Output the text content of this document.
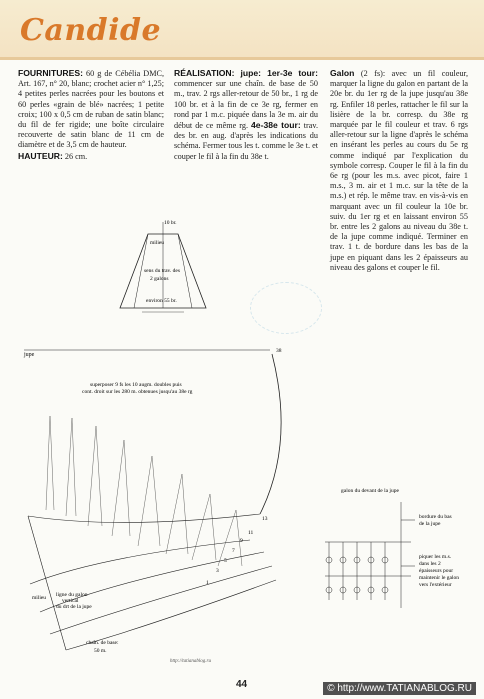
Candide
FOURNITURES: 60 g de Cébélia DMC, Art. 167, n° 20, blanc; crochet acier n° 1,25; 4 petites perles nacrées pour les boutons et 60 perles «grain de blé» nacrées; 1 petite croix; 100 x 0,5 cm de ruban de satin blanc; du fil de fer rigide; une boîte circulaire recouverte de satin blanc de 11 cm de diamètre et de 3,5 cm de hauteur.
HAUTEUR: 26 cm.
RÉALISATION: jupe: 1er-3e tour: commencer sur une chaîn. de base de 50 m., trav. 2 rgs aller-retour de 50 br., 1 rg de 100 br. et à la fin de ce 3e rg, fermer en rond par 1 m.c. piquée dans la 3e m. air du début de ce même rg. 4e-38e tour: trav. des br. en aug. d'après les indications du schéma. Fermer tous les t. comme le 3e t. et couper le fil à la fin du 38e t.
Galon (2 fs): avec un fil couleur, marquer la ligne du galon en partant de la 20e br. du 1er rg de la jupe jusqu'au 38e rg. Enfiler 18 perles, rattacher le fil sur la lisière de la br. corresp. du 38e rg marquée par le fil couleur et trav. 6 rgs aller-retour sur la ligne d'après le schéma en insérant les perles au cours du 5e rg comme indiqué par l'explication du symbole corresp. Couper le fil à la fin du 6e rg (pour les m.s. avec picot, faire 1 m.s., 3 m. air et 1 m.c. sur la tête de la m.s.) et rép. le même trav. en vis-à-vis en marquant avec un fil couleur la 10e br. suiv. du 1er rg et en laissant environ 55 br. entre les 2 galons au niveau du 38e t. de la jupe comme indiqué. Terminer en trav. 1 t. de bordure dans les bas de la jupe en piquant dans les 2 épaisseurs au niveau des galons et couper le fil.
10 br.
milieu
sens du trav. des
2 galons
environ 55 br.
jupe
superposer 9 fs les 10 augm. doubles puis
cont. droit sur les 280 m. obtenues jusqu'au 38e rg
38
13
11
9
7
5
3
1
milieu ligne du galon
vertical
du drt de la jupe
chaîn. de base:
50 m.
galon du devant de la jupe
bordure du bas
de la jupe
piquer les m.s.
dans les 2
épaisseurs pour
maintenir le galon
vers l'extérieur
http://tatianablog.ru
44	© http://www.TATIANABLOG.RU
